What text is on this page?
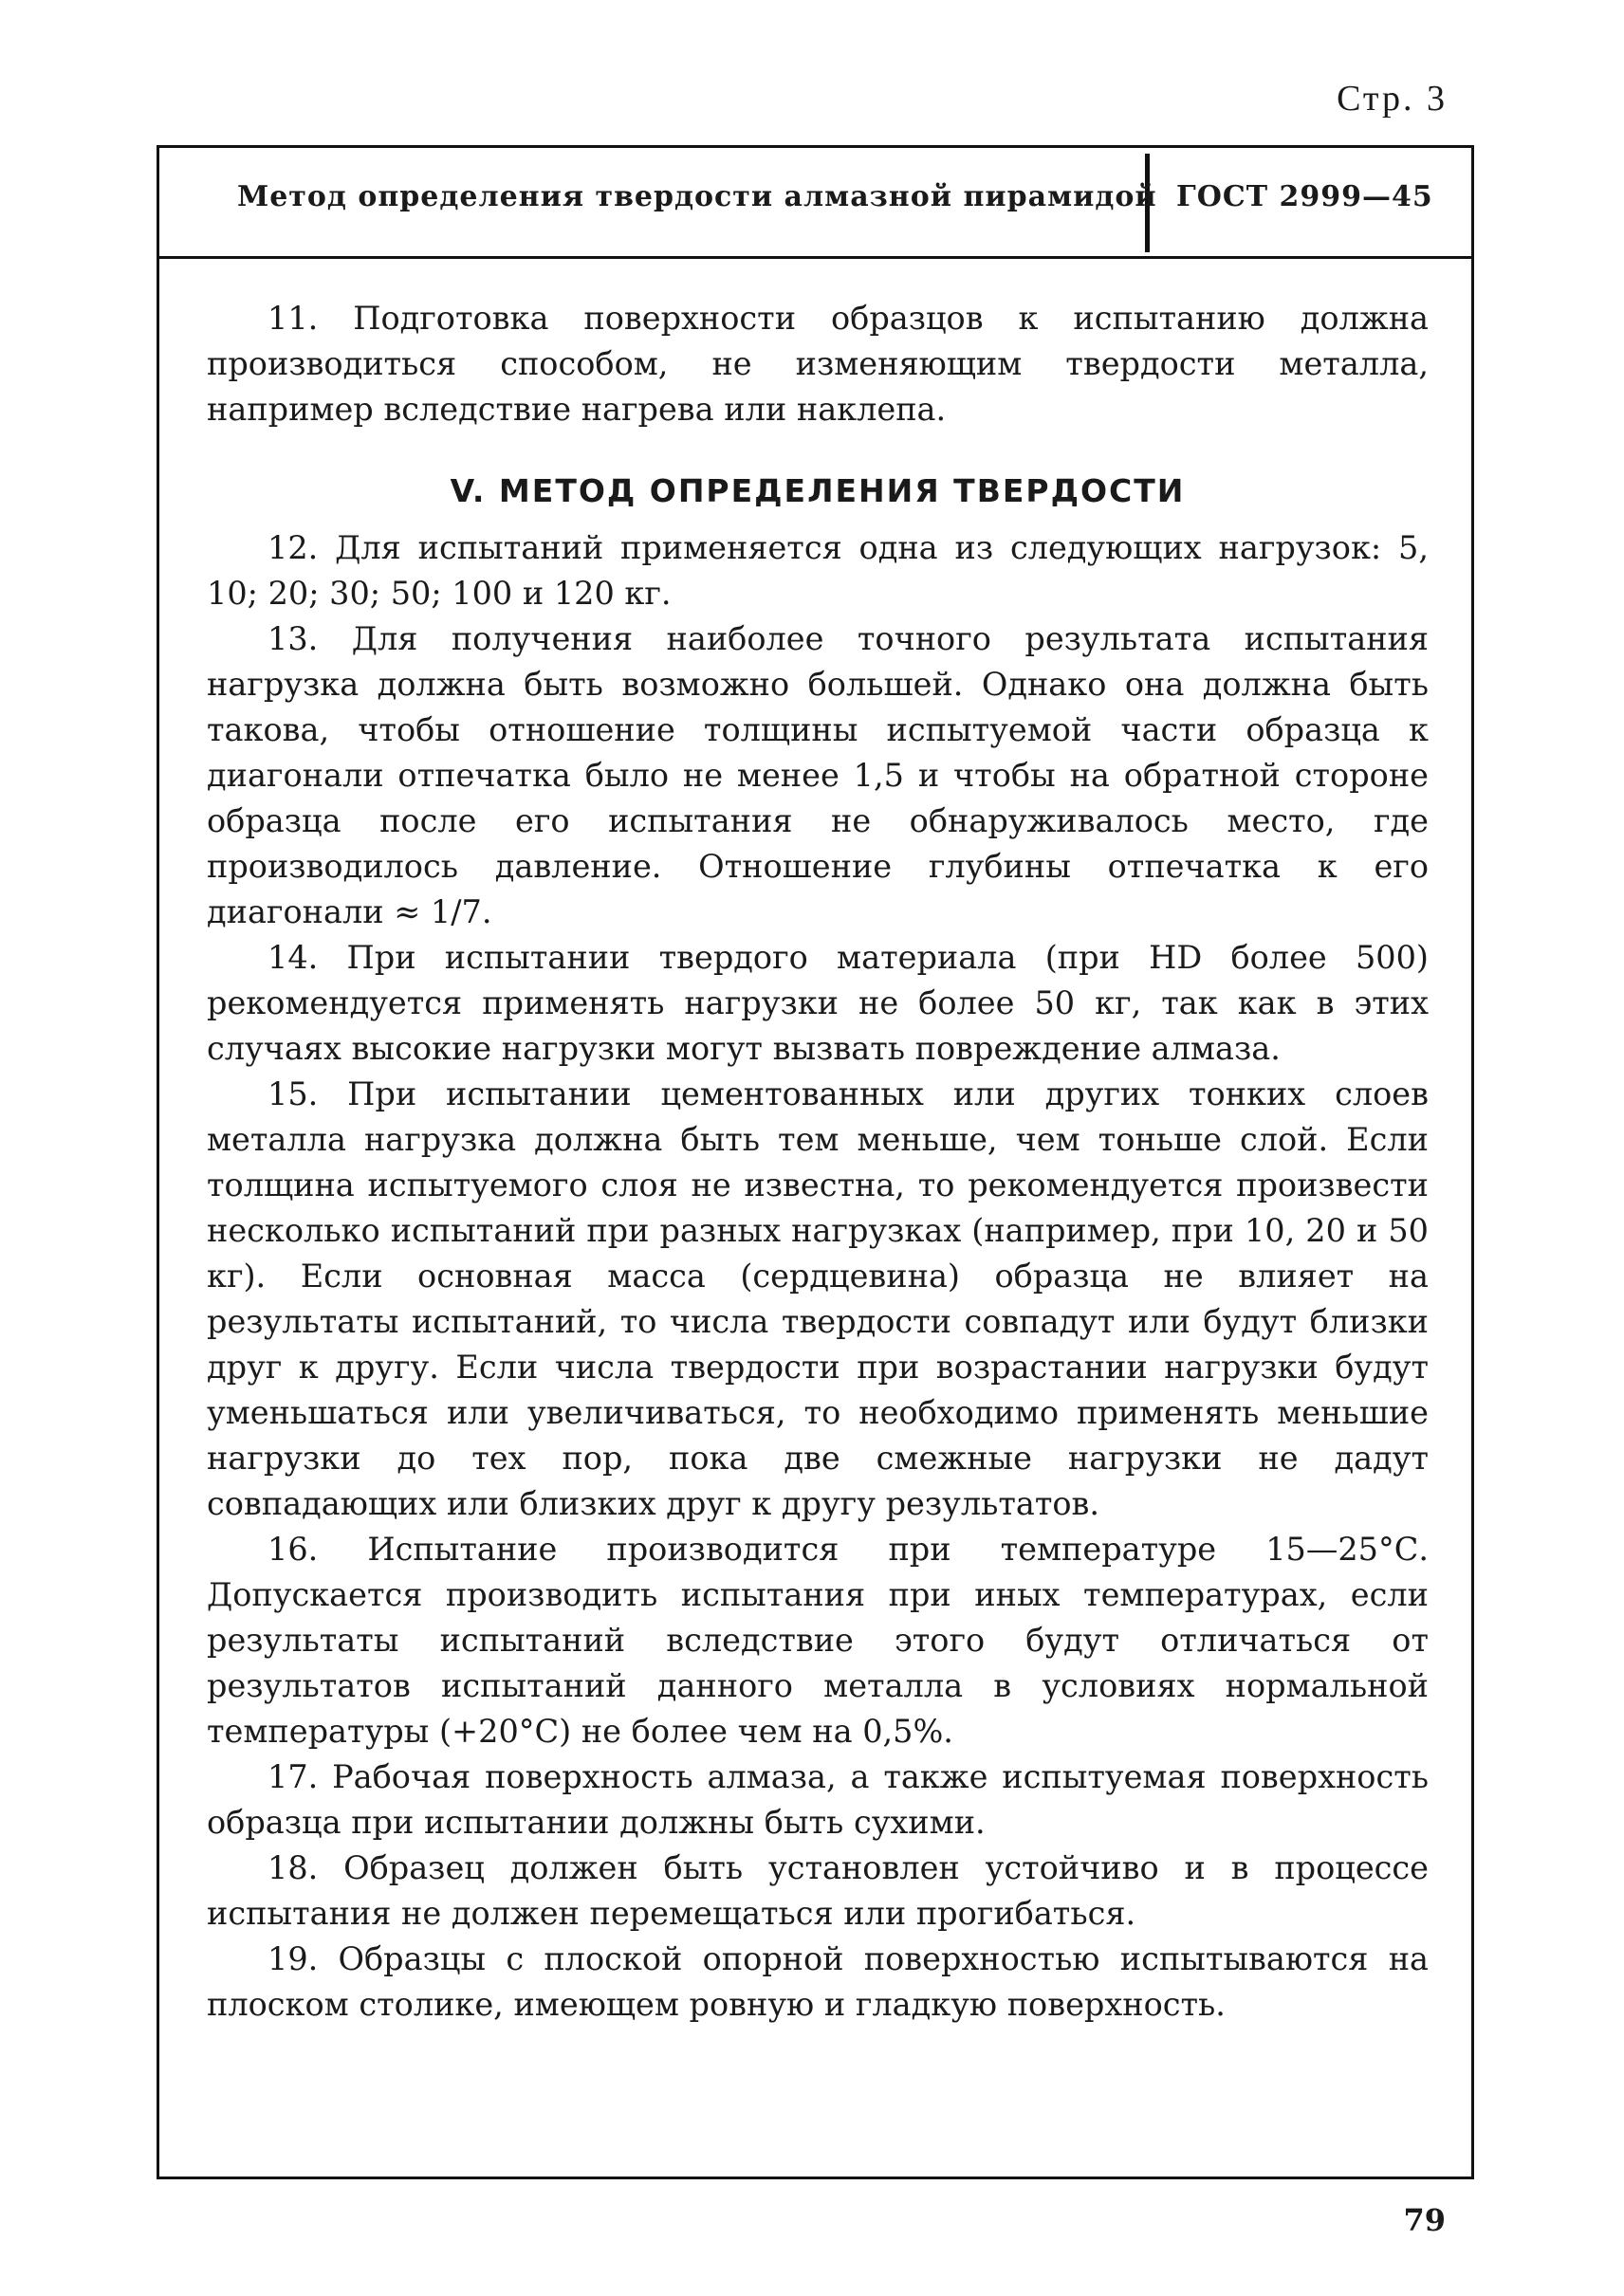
Стр. 3
Метод определения твердости алмазной пирамидой ГОСТ 2999—45

11. Подготовка поверхности образцов к испытанию должна производиться способом, не изменяющим твердости металла, например вследствие нагрева или наклепа.

V. МЕТОД ОПРЕДЕЛЕНИЯ ТВЕРДОСТИ

12. Для испытаний применяется одна из следующих нагрузок: 5, 10; 20; 30; 50; 100 и 120 кг.

13. Для получения наиболее точного результата испытания нагрузка должна быть возможно большей. Однако она должна быть такова, чтобы отношение толщины испытуемой части образца к диагонали отпечатка было не менее 1,5 и чтобы на обратной стороне образца после его испытания не обнаруживалось место, где производилось давление. Отношение глубины отпечатка к его диагонали ≈ 1/7.

14. При испытании твердого материала (при HD более 500) рекомендуется применять нагрузки не более 50 кг, так как в этих случаях высокие нагрузки могут вызвать повреждение алмаза.

15. При испытании цементованных или других тонких слоев металла нагрузка должна быть тем меньше, чем тоньше слой. Если толщина испытуемого слоя не известна, то рекомендуется произвести несколько испытаний при разных нагрузках (например, при 10, 20 и 50 кг). Если основная масса (сердцевина) образца не влияет на результаты испытаний, то числа твердости совпадут или будут близки друг к другу. Если числа твердости при возрастании нагрузки будут уменьшаться или увеличиваться, то необходимо применять меньшие нагрузки до тех пор, пока две смежные нагрузки не дадут совпадающих или близких друг к другу результатов.

16. Испытание производится при температуре 15—25°С. Допускается производить испытания при иных температурах, если результаты испытаний вследствие этого будут отличаться от результатов испытаний данного металла в условиях нормальной температуры (+20°С) не более чем на 0,5%.

17. Рабочая поверхность алмаза, а также испытуемая поверхность образца при испытании должны быть сухими.

18. Образец должен быть установлен устойчиво и в процессе испытания не должен перемещаться или прогибаться.

19. Образцы с плоской опорной поверхностью испытываются на плоском столике, имеющем ровную и гладкую поверхность.

79
